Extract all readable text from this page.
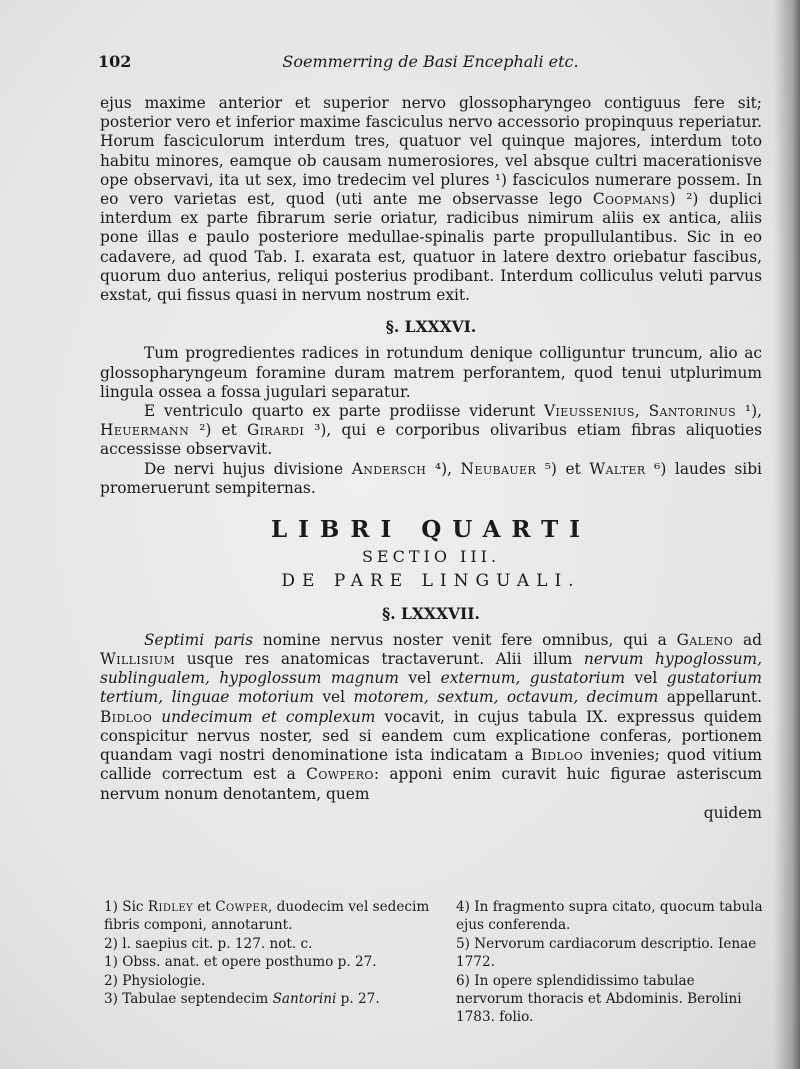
102	Soemmerring de Basi Encephali etc.

ejus maxime anterior et superior nervo glossopharyngeo contiguus fere sit; posterior vero et inferior maxime fasciculus nervo accessorio propinquus reperiatur. Horum fasciculorum interdum tres, quatuor vel quinque majores, interdum toto habitu minores, eamque ob causam numerosiores, vel absque cultri macerationisve ope observavi, ita ut sex, imo tredecim vel plures ¹) fasciculos numerare possem. In eo vero varietas est, quod (uti ante me observasse lego Coopmans) ²) duplici interdum ex parte fibrarum serie oriatur, radicibus nimirum aliis ex antica, aliis pone illas e paulo posteriore medullae-spinalis parte propullulantibus. Sic in eo cadavere, ad quod Tab. I. exarata est, quatuor in latere dextro oriebatur fascibus, quorum duo anterius, reliqui posterius prodibant. Interdum colliculus veluti parvus exstat, qui fissus quasi in nervum nostrum exit.

§. LXXXVI.

Tum progredientes radices in rotundum denique colliguntur truncum, alio ac glossopharyngeum foramine duram matrem perforantem, quod tenui utplurimum lingula ossea a fossa jugulari separatur.

E ventriculo quarto ex parte prodiisse viderunt Vieussenius, Santorinus ¹), Heuermann ²) et Girardi ³), qui e corporibus olivaribus etiam fibras aliquoties accessisse observavit.

De nervi hujus divisione Andersch ⁴), Neubauer ⁵) et Walter ⁶) laudes sibi promeruerunt sempiternas.

LIBRI QUARTI
SECTIO III.
DE PARE LINGUALI.
§. LXXXVII.

Septimi paris nomine nervus noster venit fere omnibus, qui a Galeno ad Willisium usque res anatomicas tractaverunt. Alii illum nervum hypoglossum, sublingualem, hypoglossum magnum vel externum, gustatorium vel gustatorium tertium, linguae motorium vel motorem, sextum, octavum, decimum appellarunt. Bidloo undecimum et complexum vocavit, in cujus tabula IX. expressus quidem conspicitur nervus noster, sed si eandem cum explicatione conferas, portionem quandam vagi nostri denominatione ista indicatam a Bidloo invenies; quod vitium callide correctum est a Cowpero: apponi enim curavit huic figurae asteriscum nervum nonum denotantem, quem

quidem

1) Sic Ridley et Cowper, duodecim vel sedecim fibris componi, annotarunt.

2) l. saepius cit. p. 127. not. c.

1) Obss. anat. et opere posthumo p. 27.

2) Physiologie.

3) Tabulae septendecim Santorini p. 27.

4) In fragmento supra citato, quocum tabula ejus conferenda.

5) Nervorum cardiacorum descriptio. Ienae 1772.

6) In opere splendidissimo tabulae nervorum thoracis et Abdominis. Berolini 1783. folio.
